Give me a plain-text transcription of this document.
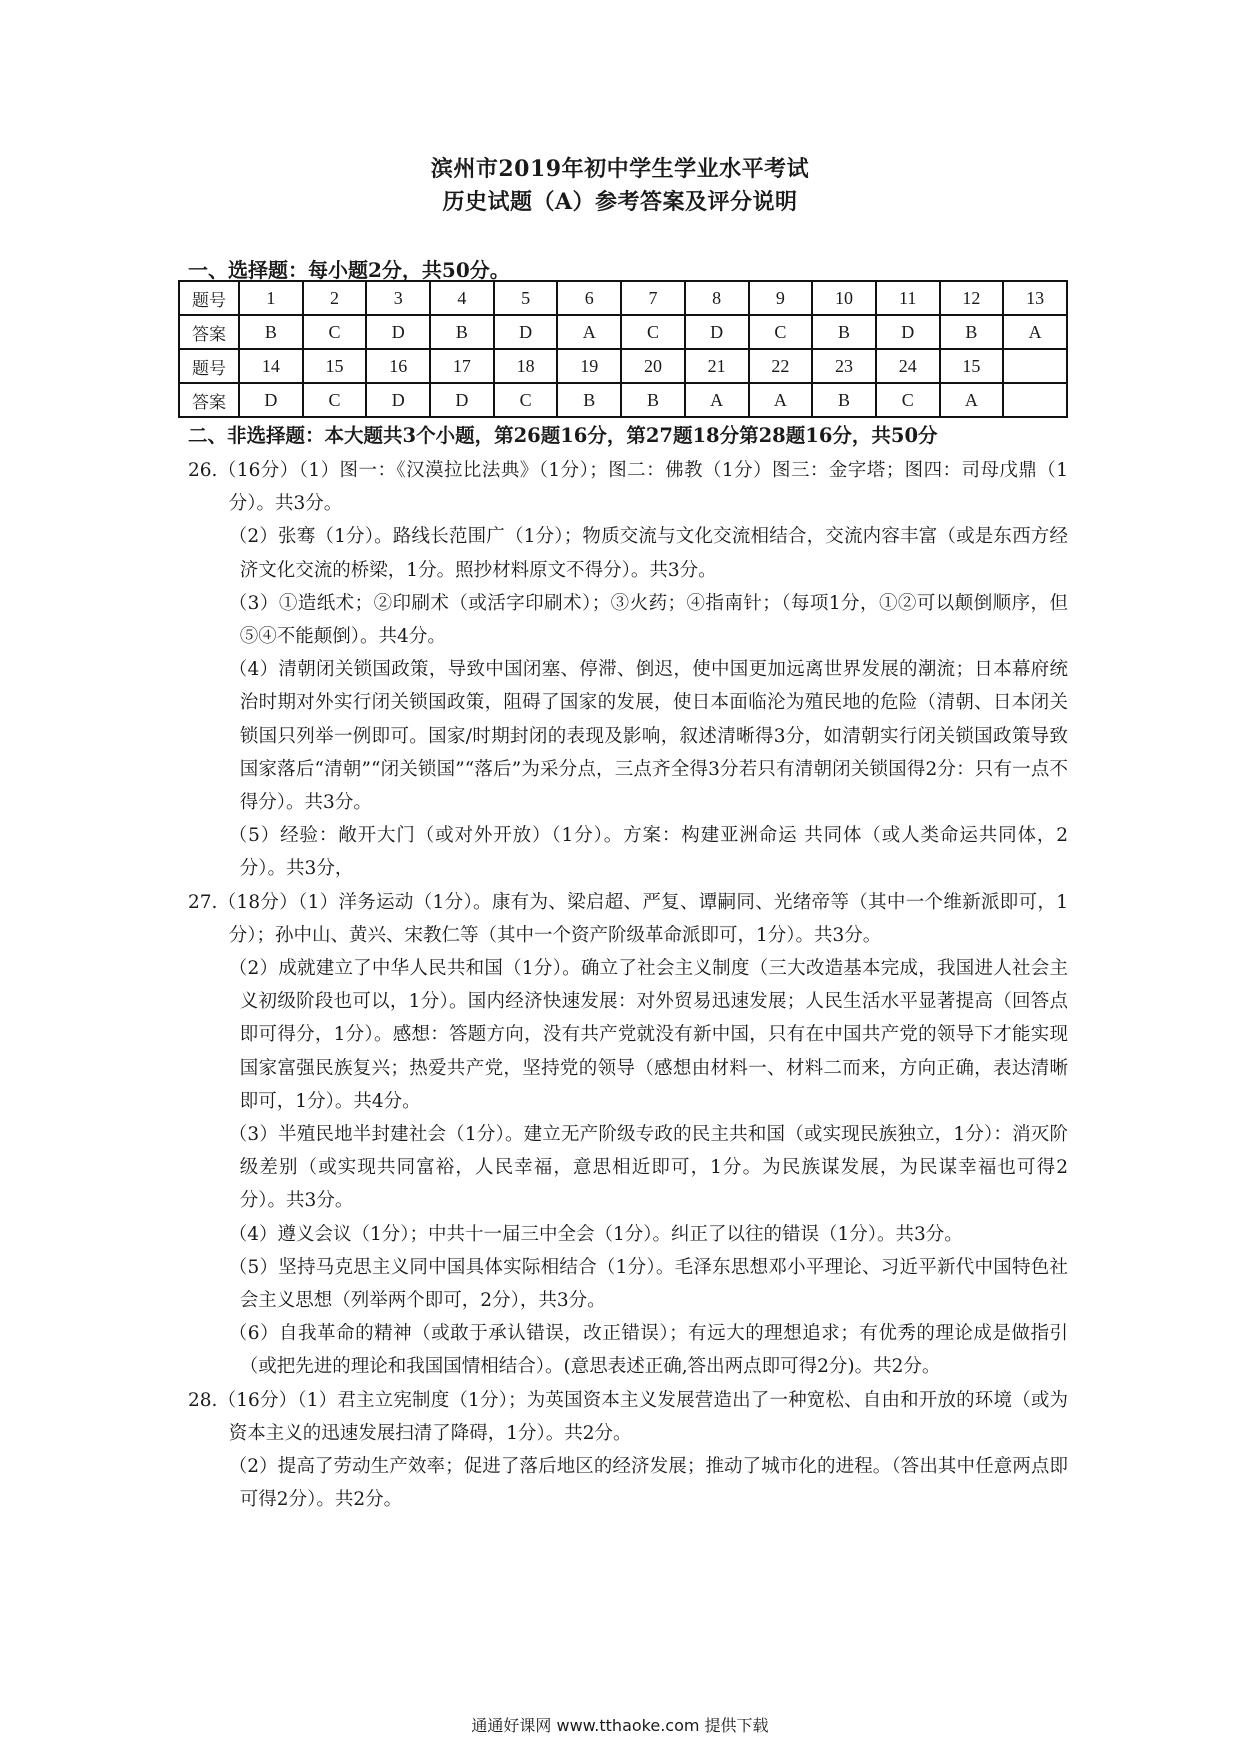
滨州市2019年初中学生学业水平考试
历史试题（A）参考答案及评分说明
一、选择题：每小题2分，共50分。
题号	1	2	3	4	5	6	7	8	9	10	11	12	13
答案	B	C	D	B	D	A	C	D	C	B	D	B	A
题号	14	15	16	17	18	19	20	21	22	23	24	15	
答案	D	C	D	D	C	B	B	A	A	B	C	A	
二、非选择题：本大题共3个小题，第26题16分，第27题18分第28题16分，共50分

26.（16分）（1）图一：《汉漠拉比法典》（1分）；图二：佛教（1分）图三：金字塔；图四：司母戊鼎（1分）。共3分。

（2）张骞（1分）。路线长范围广（1分）；物质交流与文化交流相结合，交流内容丰富（或是东西方经济文化交流的桥梁，1分。照抄材料原文不得分）。共3分。

（3）①造纸术；②印刷术（或活字印刷术）；③火药；④指南针；（每项1分，①②可以颠倒顺序，但⑤④不能颠倒）。共4分。

（4）清朝闭关锁国政策，导致中国闭塞、停滞、倒迟，使中国更加远离世界发展的潮流；日本幕府统治时期对外实行闭关锁国政策，阻碍了国家的发展，使日本面临沦为殖民地的危险（清朝、日本闭关锁国只列举一例即可。国家/时期封闭的表现及影响，叙述清晰得3分，如清朝实行闭关锁国政策导致国家落后“清朝”“闭关锁国”“落后”为采分点，三点齐全得3分若只有清朝闭关锁国得2分：只有一点不得分）。共3分。

（5）经验：敞开大门（或对外开放）（1分）。方案：构建亚洲命运 共同体（或人类命运共同体，2分）。共3分，

27.（18分）（1）洋务运动（1分）。康有为、梁启超、严复、谭嗣同、光绪帝等（其中一个维新派即可，1分）；孙中山、黄兴、宋教仁等（其中一个资产阶级革命派即可，1分）。共3分。

（2）成就建立了中华人民共和国（1分）。确立了社会主义制度（三大改造基本完成，我国进人社会主义初级阶段也可以，1分）。国内经济快速发展：对外贸易迅速发展；人民生活水平显著提高（回答点即可得分，1分）。感想：答题方向，没有共产党就没有新中国，只有在中国共产党的领导下才能实现国家富强民族复兴；热爱共产党，坚持党的领导（感想由材料一、材料二而来，方向正确，表达清晰即可，1分）。共4分。

（3）半殖民地半封建社会（1分）。建立无产阶级专政的民主共和国（或实现民族独立，1分）：消灭阶级差别（或实现共同富裕，人民幸福，意思相近即可，1分。为民族谋发展，为民谋幸福也可得2分）。共3分。

（4）遵义会议（1分）；中共十一届三中全会（1分）。纠正了以往的错误（1分）。共3分。

（5）坚持马克思主义同中国具体实际相结合（1分）。毛泽东思想邓小平理论、习近平新代中国特色社会主义思想（列举两个即可，2分），共3分。

（6）自我革命的精神（或敢于承认错误，改正错误）；有远大的理想追求；有优秀的理论成是做指引（或把先进的理论和我国国情相结合）。(意思表述正确,答出两点即可得2分)。共2分。

28.（16分）（1）君主立宪制度（1分）；为英国资本主义发展营造出了一种宽松、自由和开放的环境（或为资本主义的迅速发展扫清了降碍，1分）。共2分。

（2）提高了劳动生产效率；促进了落后地区的经济发展；推动了城市化的进程。（答出其中任意两点即可得2分）。共2分。

通通好课网 www.tthaoke.com 提供下载
